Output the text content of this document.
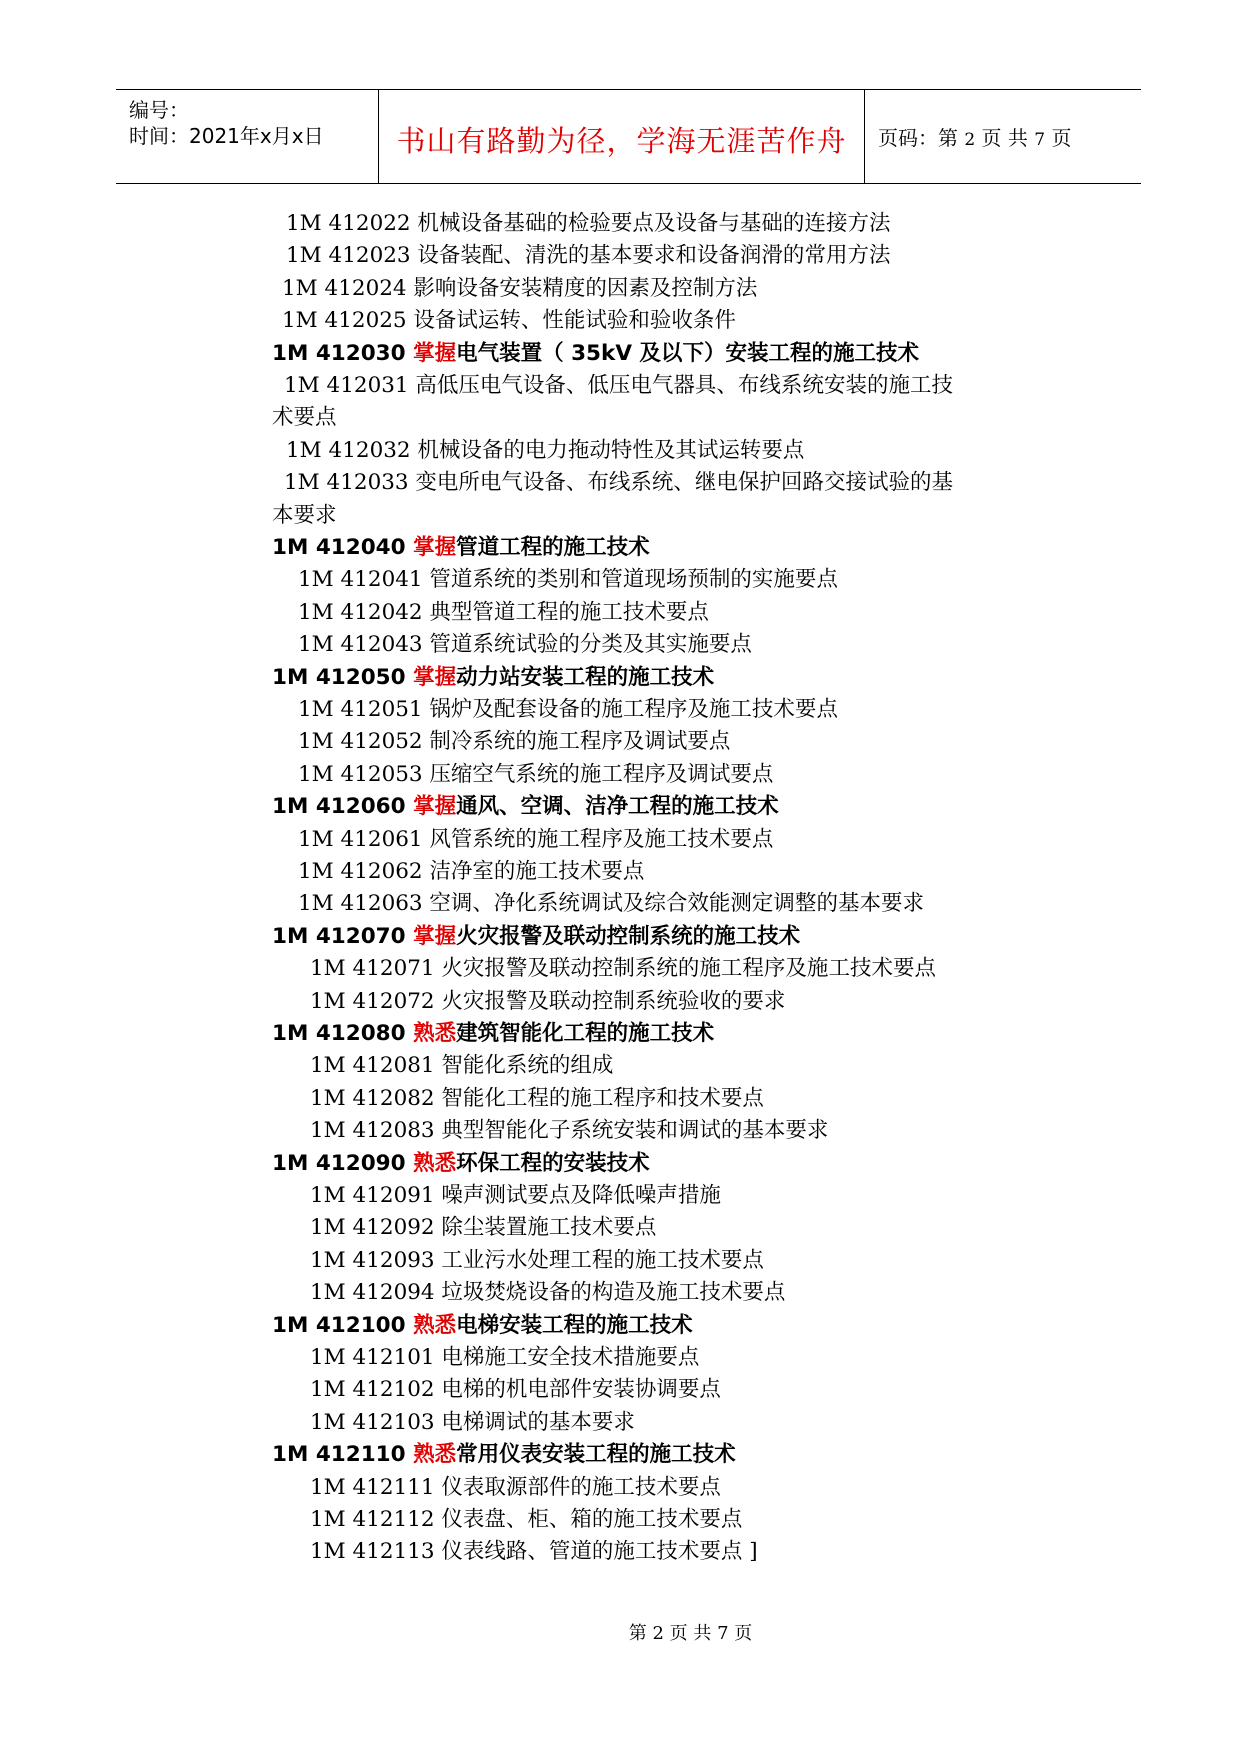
编号：
时间：2021年x月x日	书山有路勤为径，学海无涯苦作舟	页码：第 2 页 共 7 页
1M 412022 机械设备基础的检验要点及设备与基础的连接方法
1M 412023 设备装配、清洗的基本要求和设备润滑的常用方法
1M 412024 影响设备安装精度的因素及控制方法
1M 412025 设备试运转、性能试验和验收条件
1M 412030 掌握电气装置（ 35kV 及以下）安装工程的施工技术
1M 412031 高低压电气设备、低压电气器具、布线系统安装的施工技
术要点
1M 412032 机械设备的电力拖动特性及其试运转要点
1M 412033 变电所电气设备、布线系统、继电保护回路交接试验的基
本要求
1M 412040 掌握管道工程的施工技术
1M 412041 管道系统的类别和管道现场预制的实施要点
1M 412042 典型管道工程的施工技术要点
1M 412043 管道系统试验的分类及其实施要点
1M 412050 掌握动力站安装工程的施工技术
1M 412051 锅炉及配套设备的施工程序及施工技术要点
1M 412052 制冷系统的施工程序及调试要点
1M 412053 压缩空气系统的施工程序及调试要点
1M 412060 掌握通风、空调、洁净工程的施工技术
1M 412061 风管系统的施工程序及施工技术要点
1M 412062 洁净室的施工技术要点
1M 412063 空调、净化系统调试及综合效能测定调整的基本要求
1M 412070 掌握火灾报警及联动控制系统的施工技术
1M 412071 火灾报警及联动控制系统的施工程序及施工技术要点
1M 412072 火灾报警及联动控制系统验收的要求
1M 412080 熟悉建筑智能化工程的施工技术
1M 412081 智能化系统的组成
1M 412082 智能化工程的施工程序和技术要点
1M 412083 典型智能化子系统安装和调试的基本要求
1M 412090 熟悉环保工程的安装技术
1M 412091 噪声测试要点及降低噪声措施
1M 412092 除尘装置施工技术要点
1M 412093 工业污水处理工程的施工技术要点
1M 412094 垃圾焚烧设备的构造及施工技术要点
1M 412100 熟悉电梯安装工程的施工技术
1M 412101 电梯施工安全技术措施要点
1M 412102 电梯的机电部件安装协调要点
1M 412103 电梯调试的基本要求
1M 412110 熟悉常用仪表安装工程的施工技术
1M 412111 仪表取源部件的施工技术要点
1M 412112 仪表盘、柜、箱的施工技术要点
1M 412113 仪表线路、管道的施工技术要点 ]
第 2 页 共 7 页
